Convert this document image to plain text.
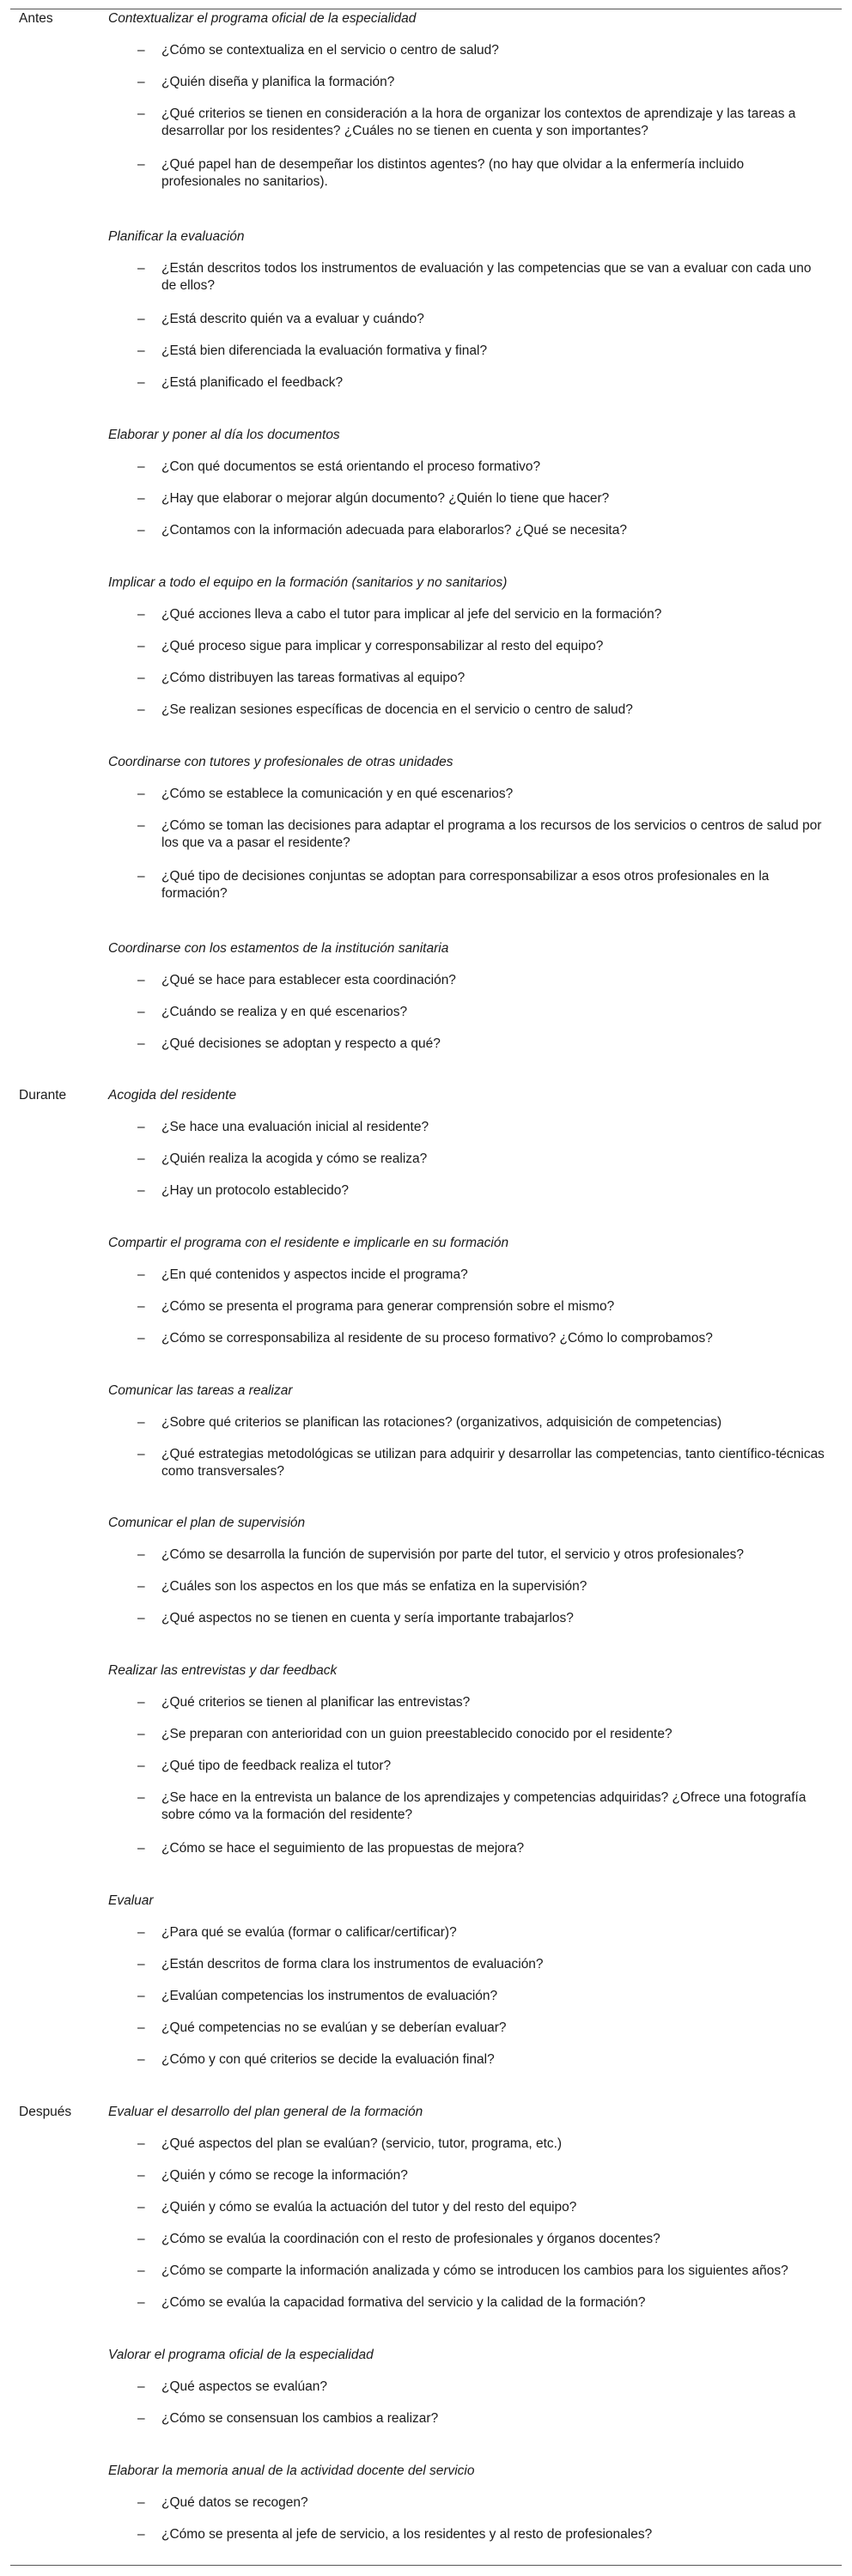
Antes	Contextualizar el programa oficial de la especialidad
–	¿Cómo se contextualiza en el servicio o centro de salud?
–	¿Quién diseña y planifica la formación?
–	¿Qué criterios se tienen en consideración a la hora de organizar los contextos de aprendizaje y las tareas a desarrollar por los residentes? ¿Cuáles no se tienen en cuenta y son importantes?
–	¿Qué papel han de desempeñar los distintos agentes? (no hay que olvidar a la enfermería incluido profesionales no sanitarios).
Planificar la evaluación
–	¿Están descritos todos los instrumentos de evaluación y las competencias que se van a evaluar con cada uno de ellos?
–	¿Está descrito quién va a evaluar y cuándo?
–	¿Está bien diferenciada la evaluación formativa y final?
–	¿Está planificado el feedback?
Elaborar y poner al día los documentos
–	¿Con qué documentos se está orientando el proceso formativo?
–	¿Hay que elaborar o mejorar algún documento? ¿Quién lo tiene que hacer?
–	¿Contamos con la información adecuada para elaborarlos? ¿Qué se necesita?
Implicar a todo el equipo en la formación (sanitarios y no sanitarios)
–	¿Qué acciones lleva a cabo el tutor para implicar al jefe del servicio en la formación?
–	¿Qué proceso sigue para implicar y corresponsabilizar al resto del equipo?
–	¿Cómo distribuyen las tareas formativas al equipo?
–	¿Se realizan sesiones específicas de docencia en el servicio o centro de salud?
Coordinarse con tutores y profesionales de otras unidades
–	¿Cómo se establece la comunicación y en qué escenarios?
–	¿Cómo se toman las decisiones para adaptar el programa a los recursos de los servicios o centros de salud por los que va a pasar el residente?
–	¿Qué tipo de decisiones conjuntas se adoptan para corresponsabilizar a esos otros profesionales en la formación?
Coordinarse con los estamentos de la institución sanitaria
–	¿Qué se hace para establecer esta coordinación?
–	¿Cuándo se realiza y en qué escenarios?
–	¿Qué decisiones se adoptan y respecto a qué?
Durante	Acogida del residente
–	¿Se hace una evaluación inicial al residente?
–	¿Quién realiza la acogida y cómo se realiza?
–	¿Hay un protocolo establecido?
Compartir el programa con el residente e implicarle en su formación
–	¿En qué contenidos y aspectos incide el programa?
–	¿Cómo se presenta el programa para generar comprensión sobre el mismo?
–	¿Cómo se corresponsabiliza al residente de su proceso formativo? ¿Cómo lo comprobamos?
Comunicar las tareas a realizar
–	¿Sobre qué criterios se planifican las rotaciones? (organizativos, adquisición de competencias)
–	¿Qué estrategias metodológicas se utilizan para adquirir y desarrollar las competencias, tanto científico-técnicas como transversales?
Comunicar el plan de supervisión
–	¿Cómo se desarrolla la función de supervisión por parte del tutor, el servicio y otros profesionales?
–	¿Cuáles son los aspectos en los que más se enfatiza en la supervisión?
–	¿Qué aspectos no se tienen en cuenta y sería importante trabajarlos?
Realizar las entrevistas y dar feedback
–	¿Qué criterios se tienen al planificar las entrevistas?
–	¿Se preparan con anterioridad con un guion preestablecido conocido por el residente?
–	¿Qué tipo de feedback realiza el tutor?
–	¿Se hace en la entrevista un balance de los aprendizajes y competencias adquiridas? ¿Ofrece una fotografía sobre cómo va la formación del residente?
–	¿Cómo se hace el seguimiento de las propuestas de mejora?
Evaluar
–	¿Para qué se evalúa (formar o calificar/certificar)?
–	¿Están descritos de forma clara los instrumentos de evaluación?
–	¿Evalúan competencias los instrumentos de evaluación?
–	¿Qué competencias no se evalúan y se deberían evaluar?
–	¿Cómo y con qué criterios se decide la evaluación final?
Después	Evaluar el desarrollo del plan general de la formación
–	¿Qué aspectos del plan se evalúan? (servicio, tutor, programa, etc.)
–	¿Quién y cómo se recoge la información?
–	¿Quién y cómo se evalúa la actuación del tutor y del resto del equipo?
–	¿Cómo se evalúa la coordinación con el resto de profesionales y órganos docentes?
–	¿Cómo se comparte la información analizada y cómo se introducen los cambios para los siguientes años?
–	¿Cómo se evalúa la capacidad formativa del servicio y la calidad de la formación?
Valorar el programa oficial de la especialidad
–	¿Qué aspectos se evalúan?
–	¿Cómo se consensuan los cambios a realizar?
Elaborar la memoria anual de la actividad docente del servicio
–	¿Qué datos se recogen?
–	¿Cómo se presenta al jefe de servicio, a los residentes y al resto de profesionales?
